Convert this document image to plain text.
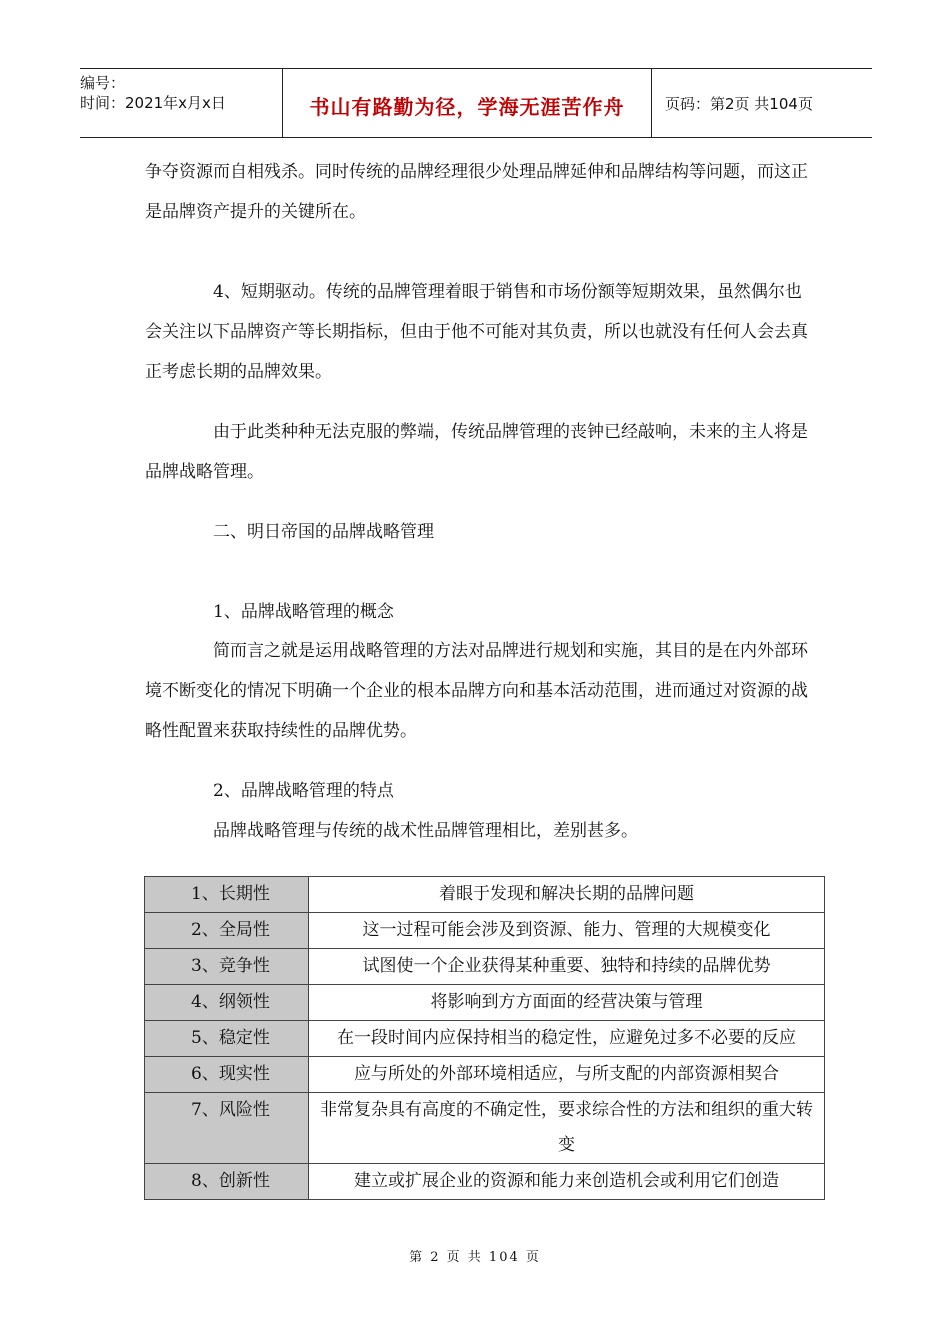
编号：
时间：2021年x月x日	书山有路勤为径，学海无涯苦作舟	页码：第2页 共104页

争夺资源而自相残杀。同时传统的品牌经理很少处理品牌延伸和品牌结构等问题，而这正是品牌资产提升的关键所在。

4、短期驱动。传统的品牌管理着眼于销售和市场份额等短期效果，虽然偶尔也会关注以下品牌资产等长期指标，但由于他不可能对其负责，所以也就没有任何人会去真正考虑长期的品牌效果。

由于此类种种无法克服的弊端，传统品牌管理的丧钟已经敲响，未来的主人将是品牌战略管理。

二、明日帝国的品牌战略管理

1、品牌战略管理的概念

简而言之就是运用战略管理的方法对品牌进行规划和实施，其目的是在内外部环境不断变化的情况下明确一个企业的根本品牌方向和基本活动范围，进而通过对资源的战略性配置来获取持续性的品牌优势。

2、品牌战略管理的特点

品牌战略管理与传统的战术性品牌管理相比，差别甚多。

1、长期性	着眼于发现和解决长期的品牌问题
2、全局性	这一过程可能会涉及到资源、能力、管理的大规模变化
3、竞争性	试图使一个企业获得某种重要、独特和持续的品牌优势
4、纲领性	将影响到方方面面的经营决策与管理
5、稳定性	在一段时间内应保持相当的稳定性，应避免过多不必要的反应
6、现实性	应与所处的外部环境相适应，与所支配的内部资源相契合
7、风险性	非常复杂具有高度的不确定性，要求综合性的方法和组织的重大转变
8、创新性	建立或扩展企业的资源和能力来创造机会或利用它们创造
第 2 页 共 104 页
